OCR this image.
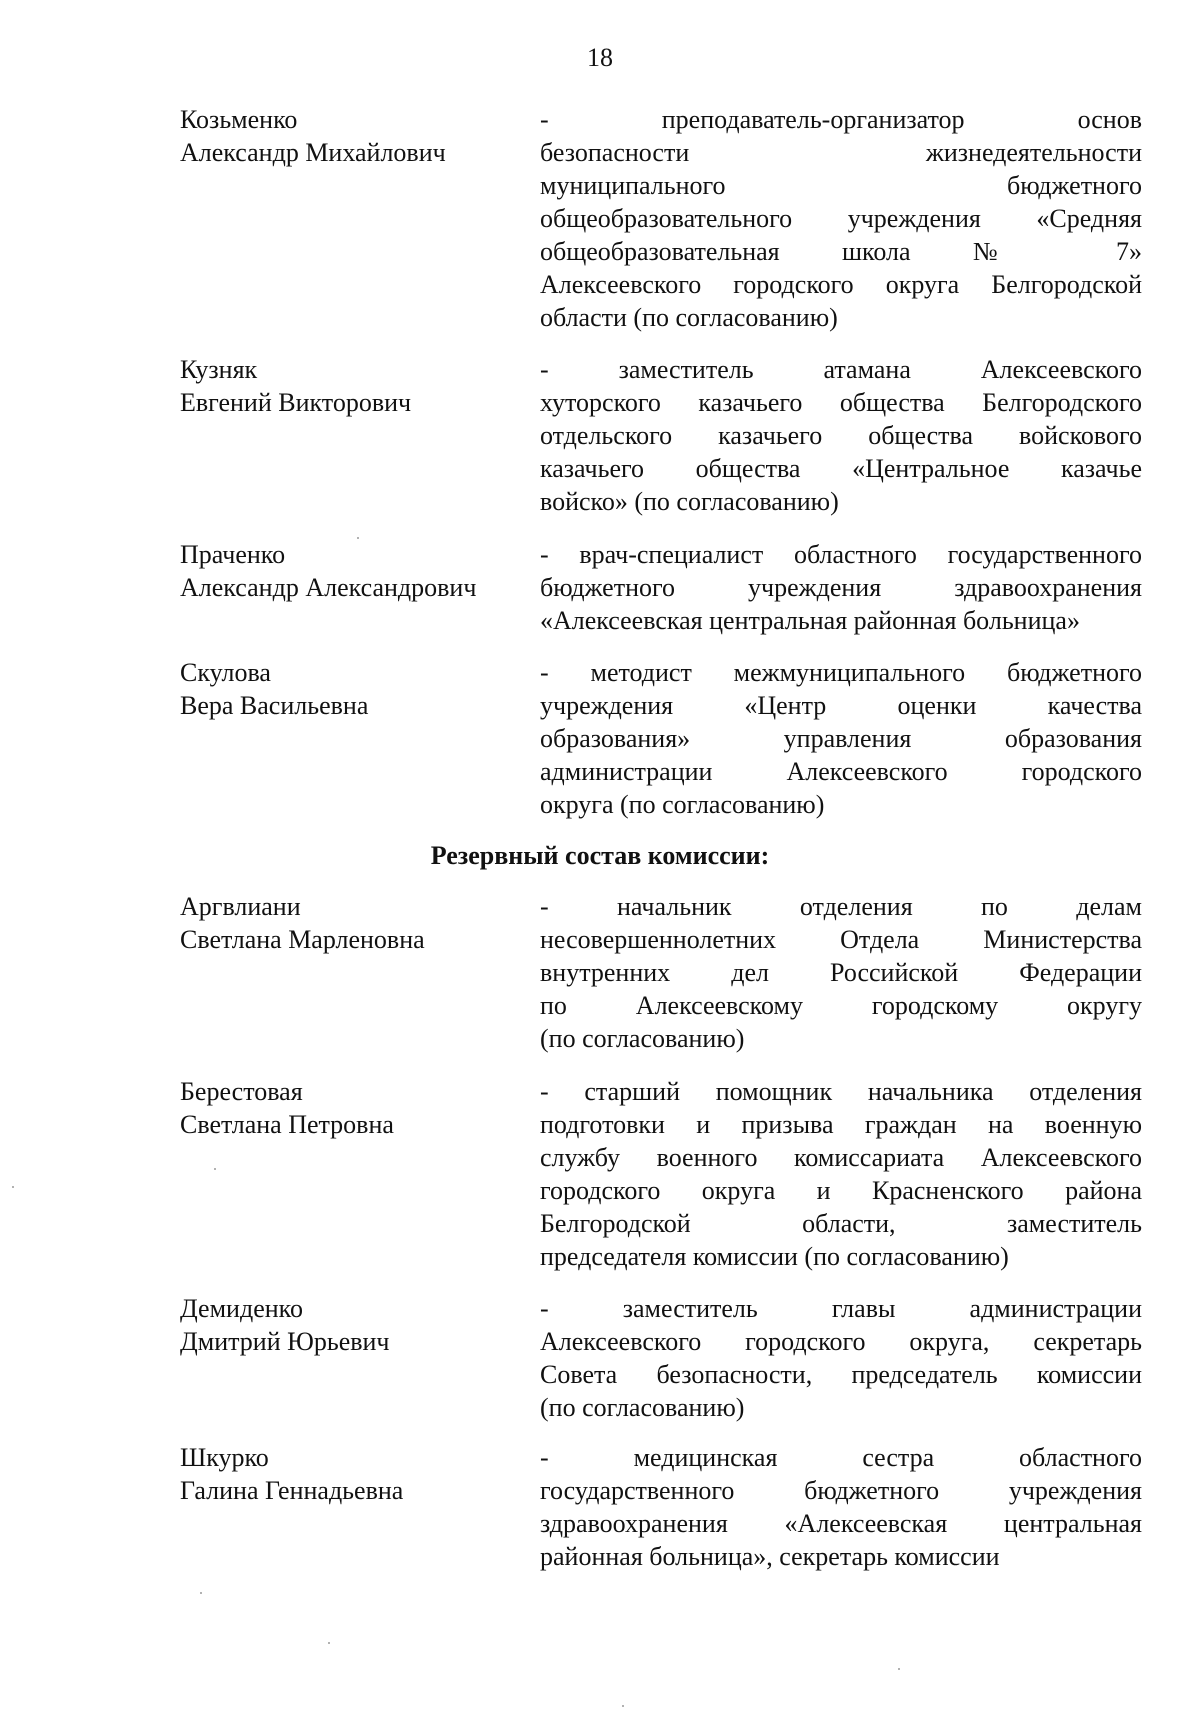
18
Козьменко
Александр Михайлович
- преподаватель-организатор основ
безопасности жизнедеятельности
муниципального бюджетного
общеобразовательного учреждения «Средняя
общеобразовательная школа № 7»
Алексеевского городского округа Белгородской
области (по согласованию)
Кузняк
Евгений Викторович
- заместитель атамана Алексеевского
хуторского казачьего общества Белгородского
отдельского казачьего общества войскового
казачьего общества «Центральное казачье
войско» (по согласованию)
Праченко
Александр Александрович
- врач-специалист областного государственного
бюджетного учреждения здравоохранения
«Алексеевская центральная районная больница»
Скулова
Вера Васильевна
- методист межмуниципального бюджетного
учреждения «Центр оценки качества
образования» управления образования
администрации Алексеевского городского
округа (по согласованию)
Резервный состав комиссии:
Аргвлиани
Светлана Марленовна
- начальник отделения по делам
несовершеннолетних Отдела Министерства
внутренних дел Российской Федерации
по Алексеевскому городскому округу
(по согласованию)
Берестовая
Светлана Петровна
- старший помощник начальника отделения
подготовки и призыва граждан на военную
службу военного комиссариата Алексеевского
городского округа и Красненского района
Белгородской области, заместитель
председателя комиссии (по согласованию)
Демиденко
Дмитрий Юрьевич
- заместитель главы администрации
Алексеевского городского округа, секретарь
Совета безопасности, председатель комиссии
(по согласованию)
Шкурко
Галина Геннадьевна
- медицинская сестра областного
государственного бюджетного учреждения
здравоохранения «Алексеевская центральная
районная больница», секретарь комиссии
